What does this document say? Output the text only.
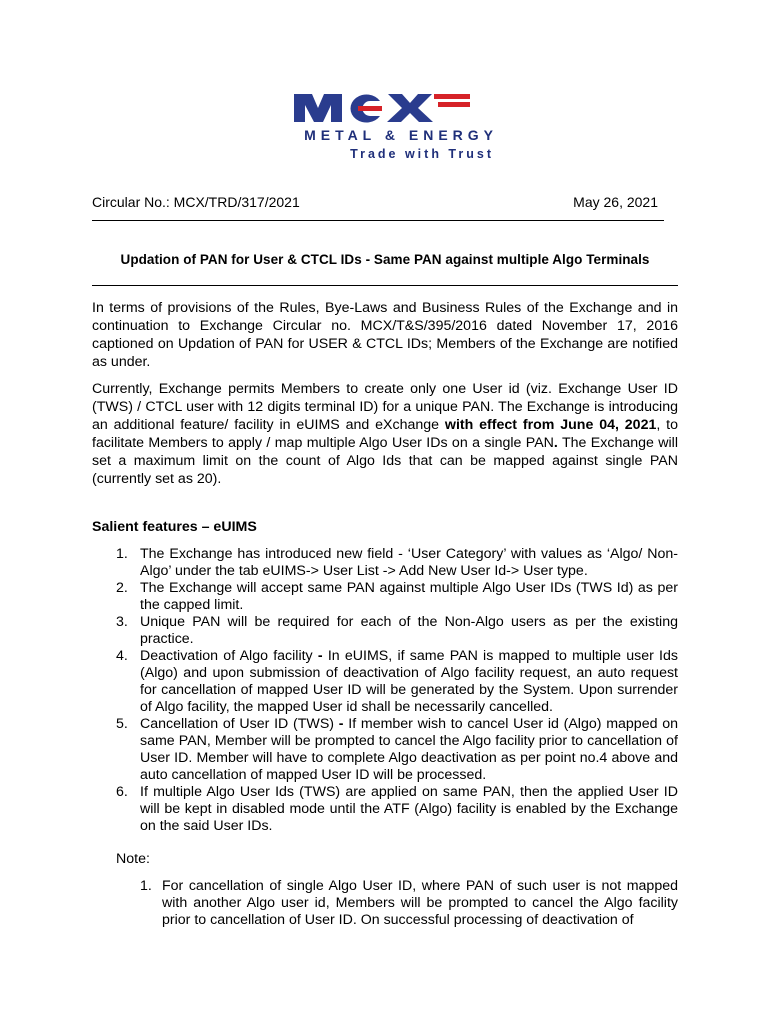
METAL & ENERGY
Trade with Trust
Circular No.: MCX/TRD/317/2021	May 26, 2021
Updation of PAN for User & CTCL IDs - Same PAN against multiple Algo Terminals

In terms of provisions of the Rules, Bye-Laws and Business Rules of the Exchange and in continuation to Exchange Circular no. MCX/T&S/395/2016 dated November 17, 2016 captioned on Updation of PAN for USER & CTCL IDs; Members of the Exchange are notified as under.

Currently, Exchange permits Members to create only one User id (viz. Exchange User ID (TWS) / CTCL user with 12 digits terminal ID) for a unique PAN. The Exchange is introducing an additional feature/ facility in eUIMS and eXchange with effect from June 04, 2021, to facilitate Members to apply / map multiple Algo User IDs on a single PAN. The Exchange will set a maximum limit on the count of Algo Ids that can be mapped against single PAN (currently set as 20).

Salient features – eUIMS
1. The Exchange has introduced new field - ‘User Category’ with values as ‘Algo/ Non-Algo’ under the tab eUIMS-> User List -> Add New User Id-> User type.
2. The Exchange will accept same PAN against multiple Algo User IDs (TWS Id) as per the capped limit.
3. Unique PAN will be required for each of the Non-Algo users as per the existing practice.
4. Deactivation of Algo facility - In eUIMS, if same PAN is mapped to multiple user Ids (Algo) and upon submission of deactivation of Algo facility request, an auto request for cancellation of mapped User ID will be generated by the System. Upon surrender of Algo facility, the mapped User id shall be necessarily cancelled.
5. Cancellation of User ID (TWS) - If member wish to cancel User id (Algo) mapped on same PAN, Member will be prompted to cancel the Algo facility prior to cancellation of User ID. Member will have to complete Algo deactivation as per point no.4 above and auto cancellation of mapped User ID will be processed.
6. If multiple Algo User Ids (TWS) are applied on same PAN, then the applied User ID will be kept in disabled mode until the ATF (Algo) facility is enabled by the Exchange on the said User IDs.
Note:
1. For cancellation of single Algo User ID, where PAN of such user is not mapped with another Algo user id, Members will be prompted to cancel the Algo facility prior to cancellation of User ID. On successful processing of deactivation of
